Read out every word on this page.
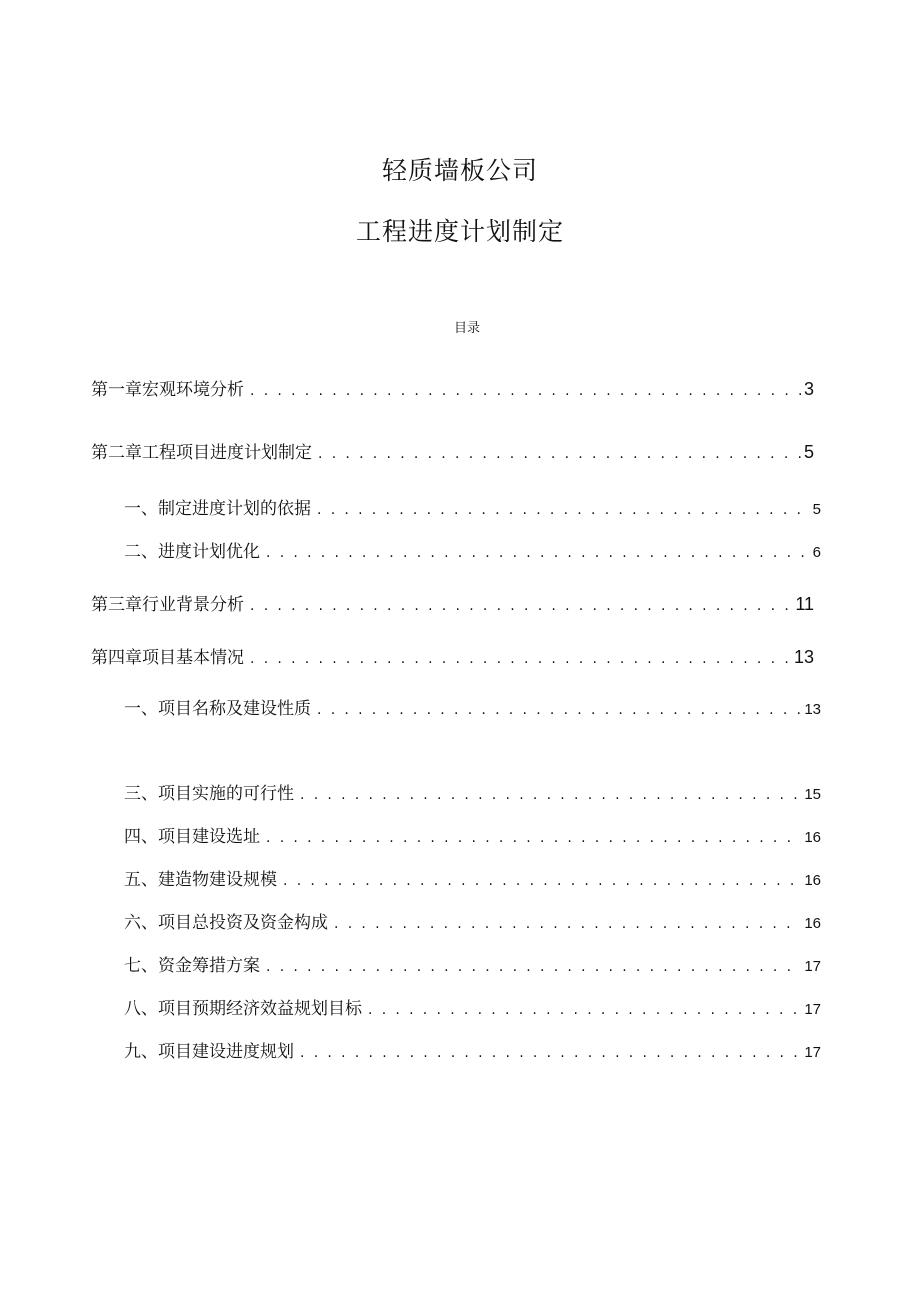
轻质墙板公司
工程进度计划制定
目录
第一章宏观环境分析 . . .	3
第二章工程项目进度计划制定 . . .	5
一、制定进度计划的依据 . . .	5
二、进度计划优化 . . .	6
第三章行业背景分析 . . .	11
第四章项目基本情况 . . .	13
一、项目名称及建设性质 . . .	13
三、项目实施的可行性 . . .	15
四、项目建设选址 . . .	16
五、建造物建设规模 . . .	16
六、项目总投资及资金构成 . . .	16
七、资金筹措方案 . . .	17
八、项目预期经济效益规划目标 . . .	17
九、项目建设进度规划 . . .	17
